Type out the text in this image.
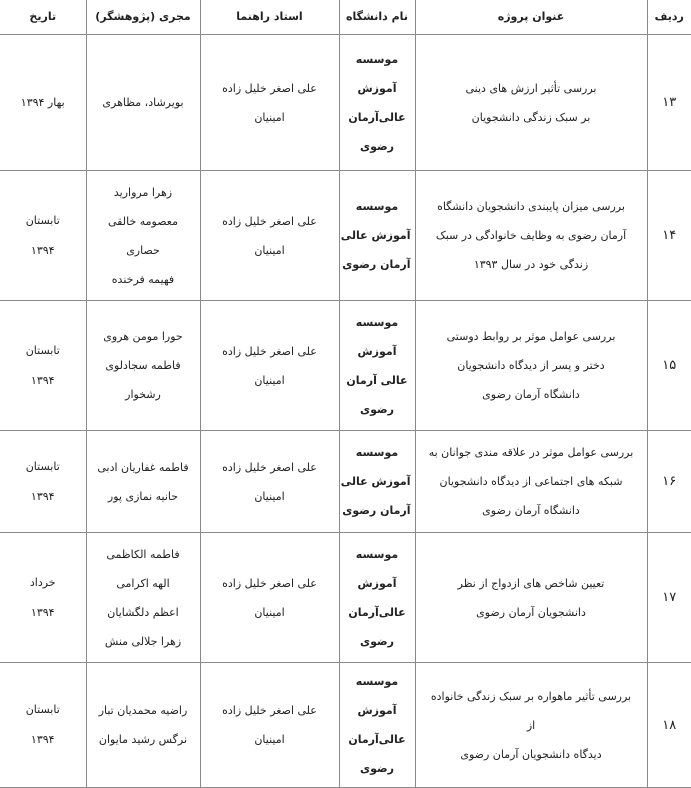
ردیف	عنوان پروژه	نام دانشگاه	استاد راهنما	مجری (پژوهشگر)	تاریخ
۱۳	بررسی تأثیر ارزش های دینی
بر سبک زندگی دانشجویان	موسسه
آموزش
عالی‌آرمان
رضوی	علی اصغر خلیل زاده
امینیان	بویرشاد، مظاهری	بهار ۱۳۹۴

۱۴	بررسی میزان پایبندی دانشجویان دانشگاه
آرمان رضوی به وظایف خانوادگی در سبک
زندگی خود در سال ۱۳۹۳	موسسه
آموزش عالی
آرمان رضوی	علی اصغر خلیل زاده
امینیان	زهرا مروارید
معصومه خالقی
حصاری
فهیمه فرخنده	تابستان
۱۳۹۴

۱۵	بررسی عوامل موثر بر روابط دوستی
دختر و پسر از دیدگاه دانشجویان
دانشگاه آرمان رضوی	موسسه
آموزش
عالی آرمان
رضوی	علی اصغر خلیل زاده
امینیان	حورا مومن هروی
فاطمه سجادلوی
رشخوار	تابستان
۱۳۹۴

۱۶	بررسی عوامل موثر در علاقه مندی جوانان به
شبکه های اجتماعی از دیدگاه دانشجویان
دانشگاه آرمان رضوی	موسسه
آموزش عالی
آرمان رضوی	علی اصغر خلیل زاده
امینیان	فاطمه غفاریان ادبی
حانیه نمازی پور	تابستان
۱۳۹۴

۱۷	تعیین شاخص های ازدواج از نظر
دانشجویان آرمان رضوی	موسسه
آموزش
عالی‌آرمان
رضوی	علی اصغر خلیل زاده
امینیان	فاطمه الکاظمی
الهه اکرامی
اعظم دلگشایان
زهرا جلالی منش	خرداد
۱۳۹۴

۱۸	بررسی تأثیر ماهواره بر سبک زندگی خانواده از
دیدگاه دانشجویان آرمان رضوی	موسسه
آموزش
عالی‌آرمان
رضوی	علی اصغر خلیل زاده
امینیان	راضیه محمدیان تبار
نرگس رشید مایوان	تابستان
۱۳۹۴
